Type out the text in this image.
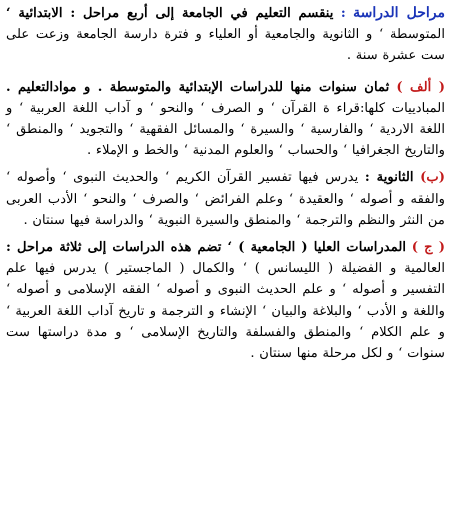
مراحل الدراسة : ينقسم التعليم في الجامعة إلى أربع مراحل : الابتدائية ‘ المتوسطة ‘ و الثانوية والجامعية أو العلياء و فترة دارسة الجامعة وزعت على ست عشرة سنة .

( ألف ) ثمان سنوات منها للدراسات الإبتدائية والمتوسطة . و موادالتعليم . المبادييات كلها:قراء ة القرآن ‘ و الصرف ‘ والنحو ‘ و آداب اللغة العربية ‘ و اللغة الاردية ‘ والفارسية ‘ والسيرة ‘ والمسائل الفقهية ‘ والتجويد ‘ والمنطق ‘ والتاريخ الجغرافيا ‘ والحساب ‘ والعلوم المدنية ‘ والخط و الإملاء .

(ب) الثانوية : يدرس فيها تفسير القرآن الكريم ‘ والحديث النبوى ‘ وأصوله ‘ والفقه و أصوله ‘ والعقيدة ‘ وعلم الفرائض ‘ والصرف ‘ والنحو ‘ الأدب العربى من النثر والنظم والترجمة ‘ والمنطق والسيرة النبوية ‘ والدراسة فيها سنتان .

( ج ) المدراسات العليا ( الجامعية ) ‘ تضم هذه الدراسات إلى ثلاثة مراحل : العالمية و الفضيلة ( الليسانس ) ‘ والكمال ( الماجستير ) يدرس فيها علم التفسير و أصوله ‘ و علم الحديث النبوى و أصوله ‘ الفقه الإسلامى و أصوله ‘ واللغة و الأدب ‘ والبلاغة والبيان ‘ الإنشاء و الترجمة و تاريخ آداب اللغة العربية ‘ و علم الكلام ‘ والمنطق والفسلفة والتاريخ الإسلامى ‘ و مدة دراستها ست سنوات ‘ و لكل مرحلة منها سنتان .
